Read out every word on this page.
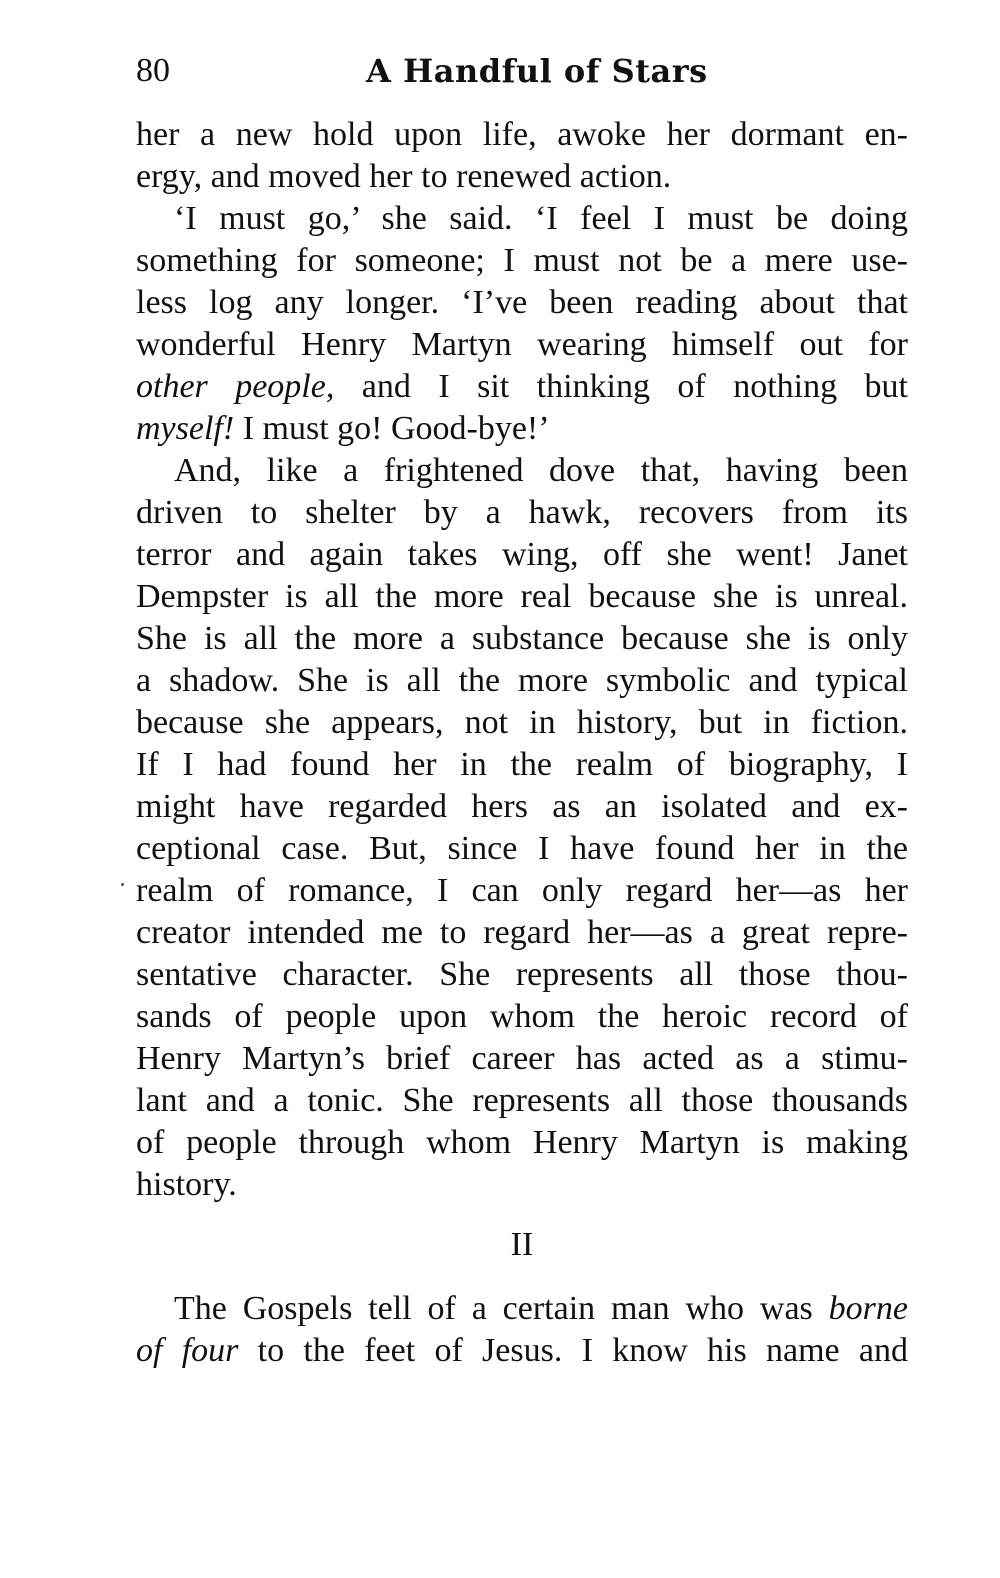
80	A Handful of Stars
her a new hold upon life, awoke her dormant en-
ergy, and moved her to renewed action.
‘I must go,’ she said. ‘I feel I must be doing
something for someone; I must not be a mere use-
less log any longer. ‘I’ve been reading about that
wonderful Henry Martyn wearing himself out for
other people, and I sit thinking of nothing but
myself! I must go! Good-bye!’
And, like a frightened dove that, having been
driven to shelter by a hawk, recovers from its
terror and again takes wing, off she went! Janet
Dempster is all the more real because she is unreal.
She is all the more a substance because she is only
a shadow. She is all the more symbolic and typical
because she appears, not in history, but in fiction.
If I had found her in the realm of biography, I
might have regarded hers as an isolated and ex-
ceptional case. But, since I have found her in the
realm of romance, I can only regard her—as her
creator intended me to regard her—as a great repre-
sentative character. She represents all those thou-
sands of people upon whom the heroic record of
Henry Martyn’s brief career has acted as a stimu-
lant and a tonic. She represents all those thousands
of people through whom Henry Martyn is making
history.
II
The Gospels tell of a certain man who was borne
of four to the feet of Jesus. I know his name and
